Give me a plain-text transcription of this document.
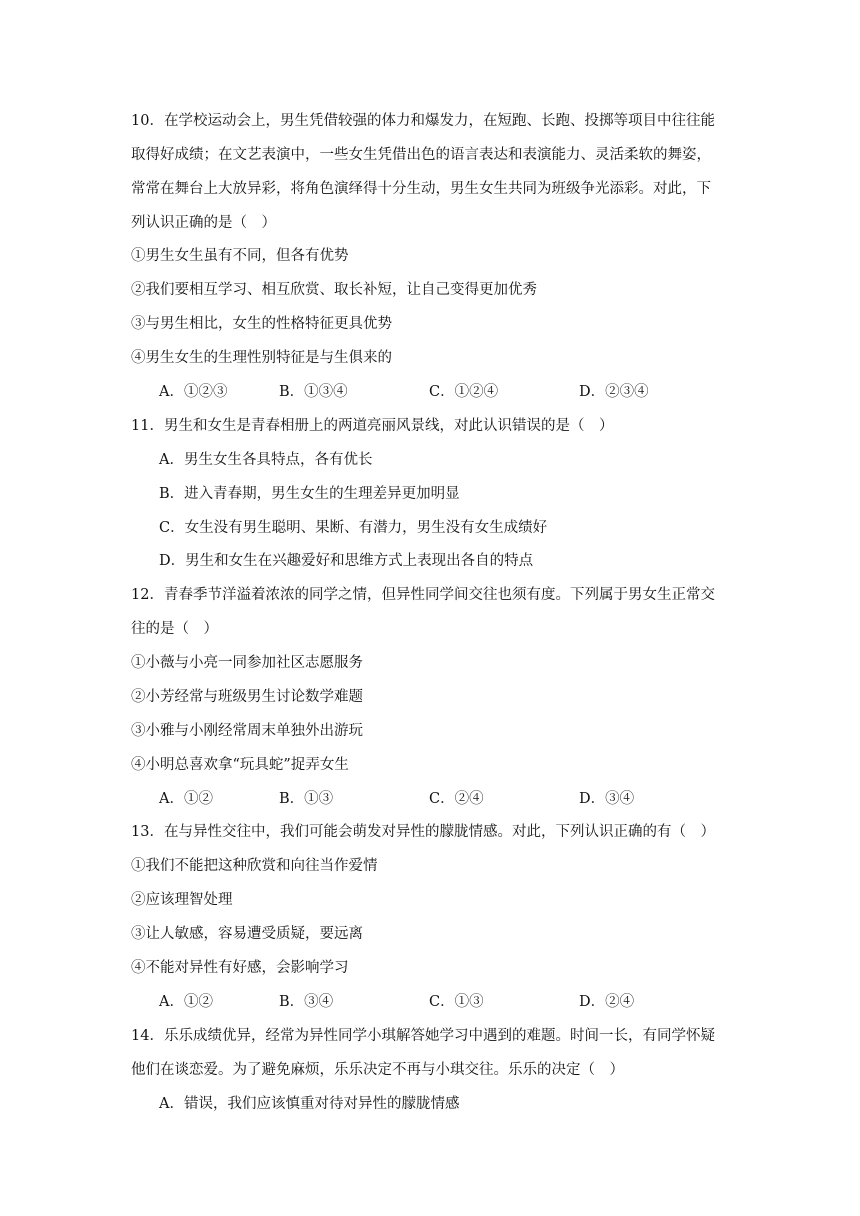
10．在学校运动会上，男生凭借较强的体力和爆发力，在短跑、长跑、投掷等项目中往往能
取得好成绩；在文艺表演中，一些女生凭借出色的语言表达和表演能力、灵活柔软的舞姿，
常常在舞台上大放异彩，将角色演绎得十分生动，男生女生共同为班级争光添彩。对此，下
列认识正确的是（　）
①男生女生虽有不同，但各有优势
②我们要相互学习、相互欣赏、取长补短，让自己变得更加优秀
③与男生相比，女生的性格特征更具优势
④男生女生的生理性别特征是与生俱来的
A．①②③	B．①③④	C．①②④	D．②③④
11．男生和女生是青春相册上的两道亮丽风景线，对此认识错误的是（　）
A．男生女生各具特点，各有优长
B．进入青春期，男生女生的生理差异更加明显
C．女生没有男生聪明、果断、有潜力，男生没有女生成绩好
D．男生和女生在兴趣爱好和思维方式上表现出各自的特点
12．青春季节洋溢着浓浓的同学之情，但异性同学间交往也须有度。下列属于男女生正常交
往的是（　）
①小薇与小亮一同参加社区志愿服务
②小芳经常与班级男生讨论数学难题
③小雅与小刚经常周末单独外出游玩
④小明总喜欢拿“玩具蛇”捉弄女生
A．①②	B．①③	C．②④	D．③④
13．在与异性交往中，我们可能会萌发对异性的朦胧情感。对此，下列认识正确的有（　）
①我们不能把这种欣赏和向往当作爱情
②应该理智处理
③让人敏感，容易遭受质疑，要远离
④不能对异性有好感，会影响学习
A．①②	B．③④	C．①③	D．②④
14．乐乐成绩优异，经常为异性同学小琪解答她学习中遇到的难题。时间一长，有同学怀疑
他们在谈恋爱。为了避免麻烦，乐乐决定不再与小琪交往。乐乐的决定（　）
A．错误，我们应该慎重对待对异性的朦胧情感
